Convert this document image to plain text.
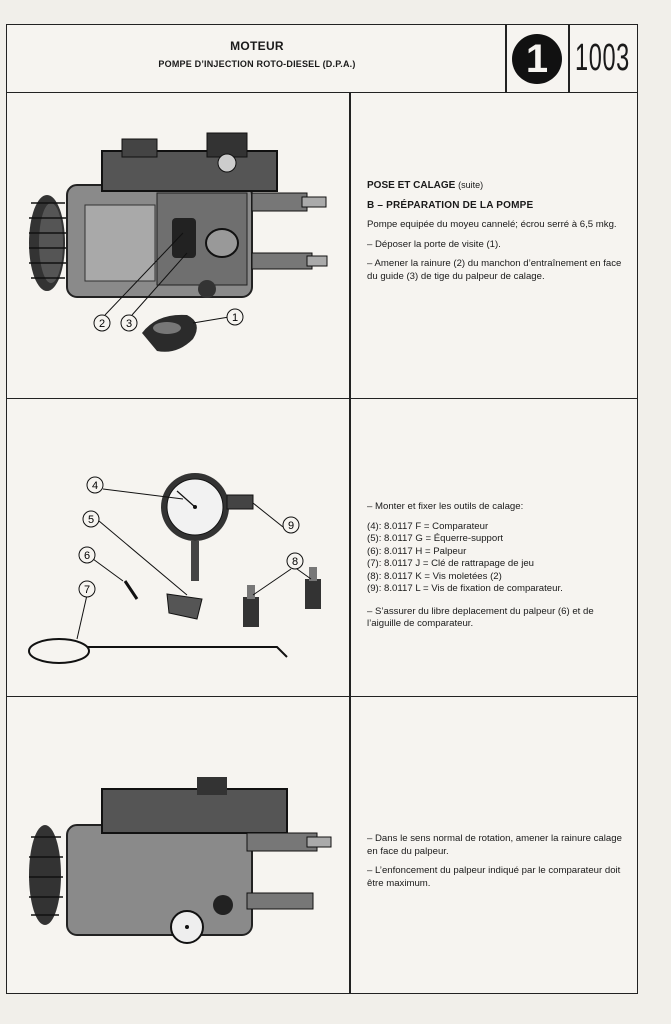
MOTEUR
POMPE D’INJECTION ROTO-DIESEL (D.P.A.)	1 1003
1
2 3

POSE ET CALAGE (suite)

B – PRÉPARATION DE LA POMPE

Pompe equipée du moyeu cannelé; écrou serré à 6,5 mkg.

– Déposer la porte de visite (1).

– Amener la rainure (2) du manchon d’entraînement en face du guide (3) de tige du palpeur de calage.

4
5
6
7
8
9

– Monter et fixer les outils de calage:

(4): 8.0117 F = Comparateur
(5): 8.0117 G = Équerre-support
(6): 8.0117 H = Palpeur
(7): 8.0117 J = Clé de rattrapage de jeu
(8): 8.0117 K = Vis moletées (2)
(9): 8.0117 L = Vis de fixation de comparateur.

– S’assurer du libre deplacement du palpeur (6) et de l’aiguille de comparateur.

– Dans le sens normal de rotation, amener la rainure calage en face du palpeur.

– L’enfoncement du palpeur indiqué par le comparateur doit être maximum.
